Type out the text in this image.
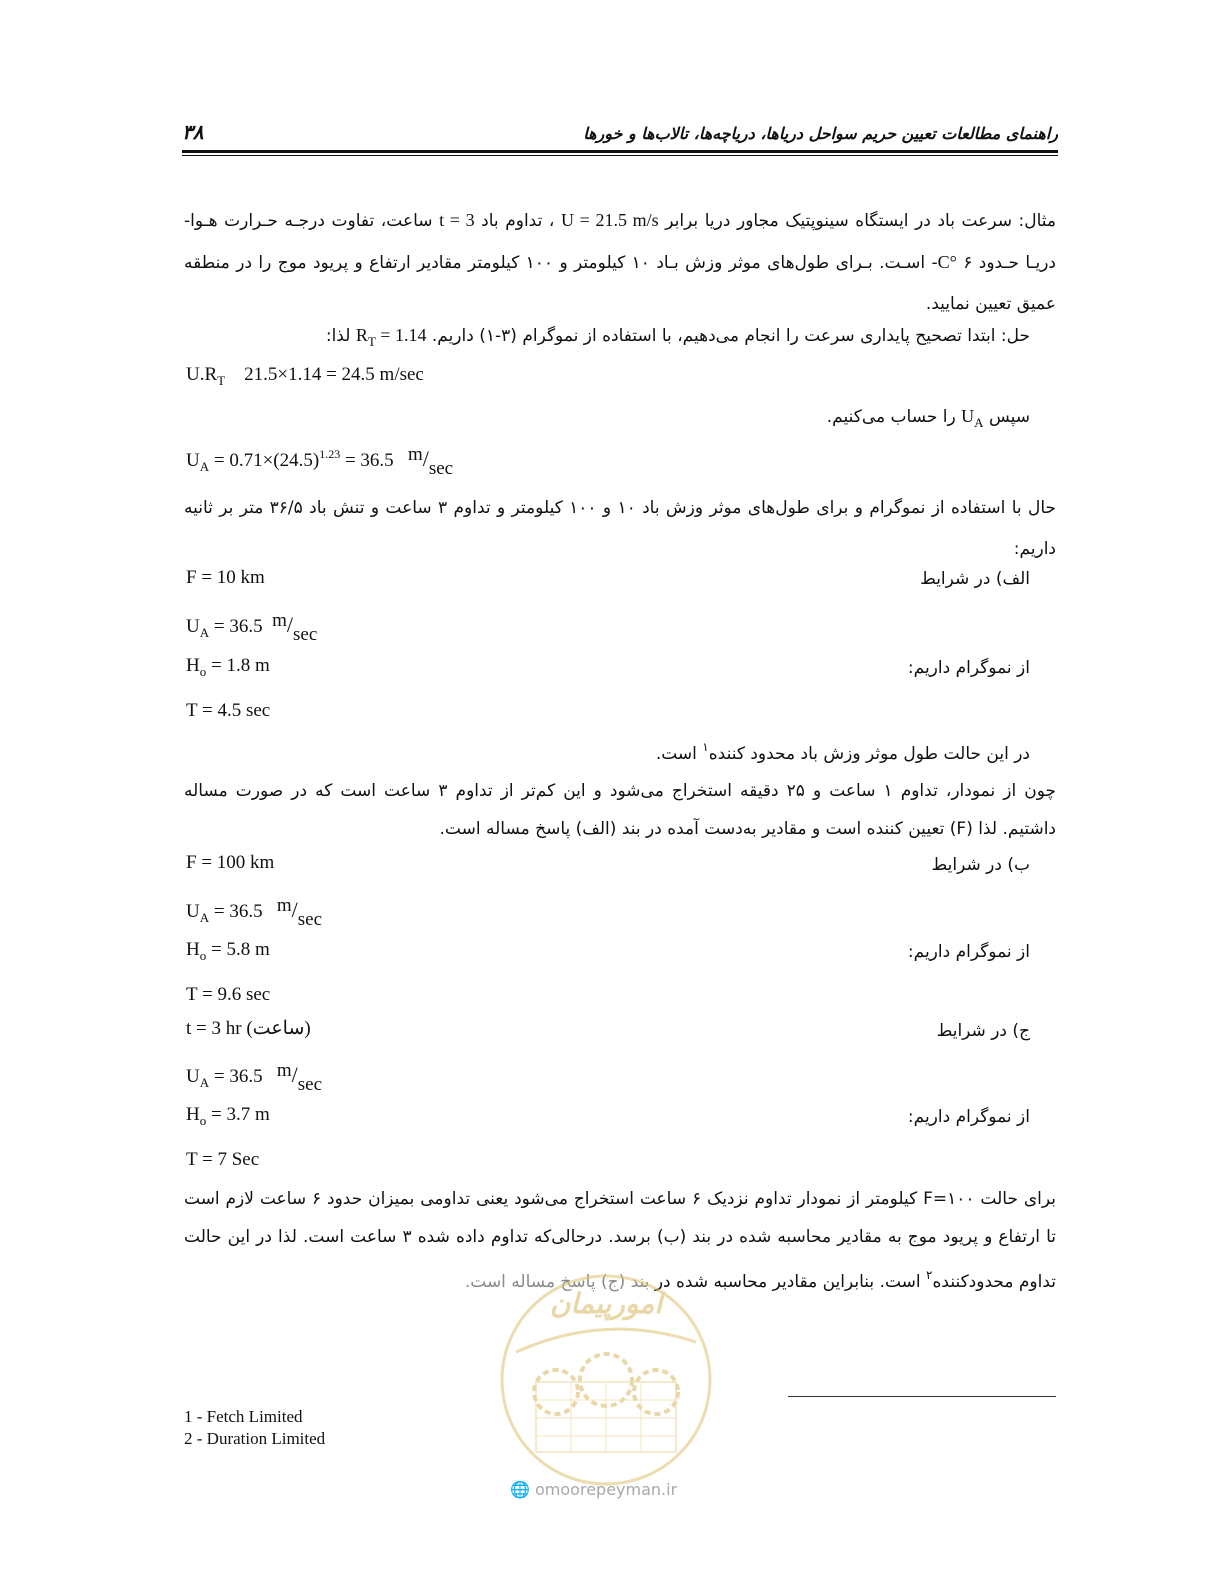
۳۸	راهنمای مطالعات تعیین حریم سواحل دریاها، دریاچه‌ها، تالاب‌ها و خورها
مثال: سرعت باد در ایستگاه سینوپتیک مجاور دریا برابر U = 21.5 m/s ، تداوم باد t = 3 ساعت، تفاوت درجـه حـرارت هـوا- دریـا حـدود C° ۶- اسـت. بـرای طول‌های موثر وزش بـاد ۱۰ کیلومتر و ۱۰۰ کیلومتر مقادیر ارتفاع و پریود موج را در منطقه عمیق تعیین نمایید.
حل: ابتدا تصحیح پایداری سرعت را انجام می‌دهیم، با استفاده از نموگرام (۳-۱) داریم. $R_T = 1.14$ لذا:
$U.R_T$ 21.5×1.14 = 24.5 m/sec
سپس $U_A$ را حساب می‌کنیم.
$U_A = 0.71\times(24.5)^{1.23} = 36.5$ m/sec
حال با استفاده از نموگرام و برای طول‌های موثر وزش باد ۱۰ و ۱۰۰ کیلومتر و تداوم ۳ ساعت و تنش باد ۳۶/۵ متر بر ثانیه داریم:
الف) در شرایط
F = 10 km
$U_A = 36.5$ m/sec
از نموگرام داریم:
$H_o = 1.8$ m
T = 4.5 sec
در این حالت طول موثر وزش باد محدود کننده$^۱$ است.
چون از نمودار، تداوم ۱ ساعت و ۲۵ دقیقه استخراج می‌شود و این کم‌تر از تداوم ۳ ساعت است که در صورت مساله داشتیم. لذا (F) تعیین کننده است و مقادیر به‌دست آمده در بند (الف) پاسخ مساله است.
ب) در شرایط
F = 100 km
$U_A = 36.5$ m/sec
از نموگرام داریم:
$H_o = 5.8$ m
T = 9.6 sec
ج) در شرایط
t = 3 hr (ساعت)
$U_A = 36.5$ m/sec
از نموگرام داریم:
$H_o = 3.7$ m
T = 7 Sec
برای حالت F=۱۰۰ کیلومتر از نمودار تداوم نزدیک ۶ ساعت استخراج می‌شود یعنی تداومی بمیزان حدود ۶ ساعت لازم است تا ارتفاع و پریود موج به مقادیر محاسبه شده در بند (ب) برسد. درحالی‌که تداوم داده شده ۳ ساعت است. لذا در این حالت تداوم محدودکننده$^۲$ است. بنابراین مقادیر محاسبه شده در بند (ج) پاسخ مساله است.
امورپیمان
1 - Fetch Limited
2 - Duration Limited
🌐 omoorepeyman.ir
